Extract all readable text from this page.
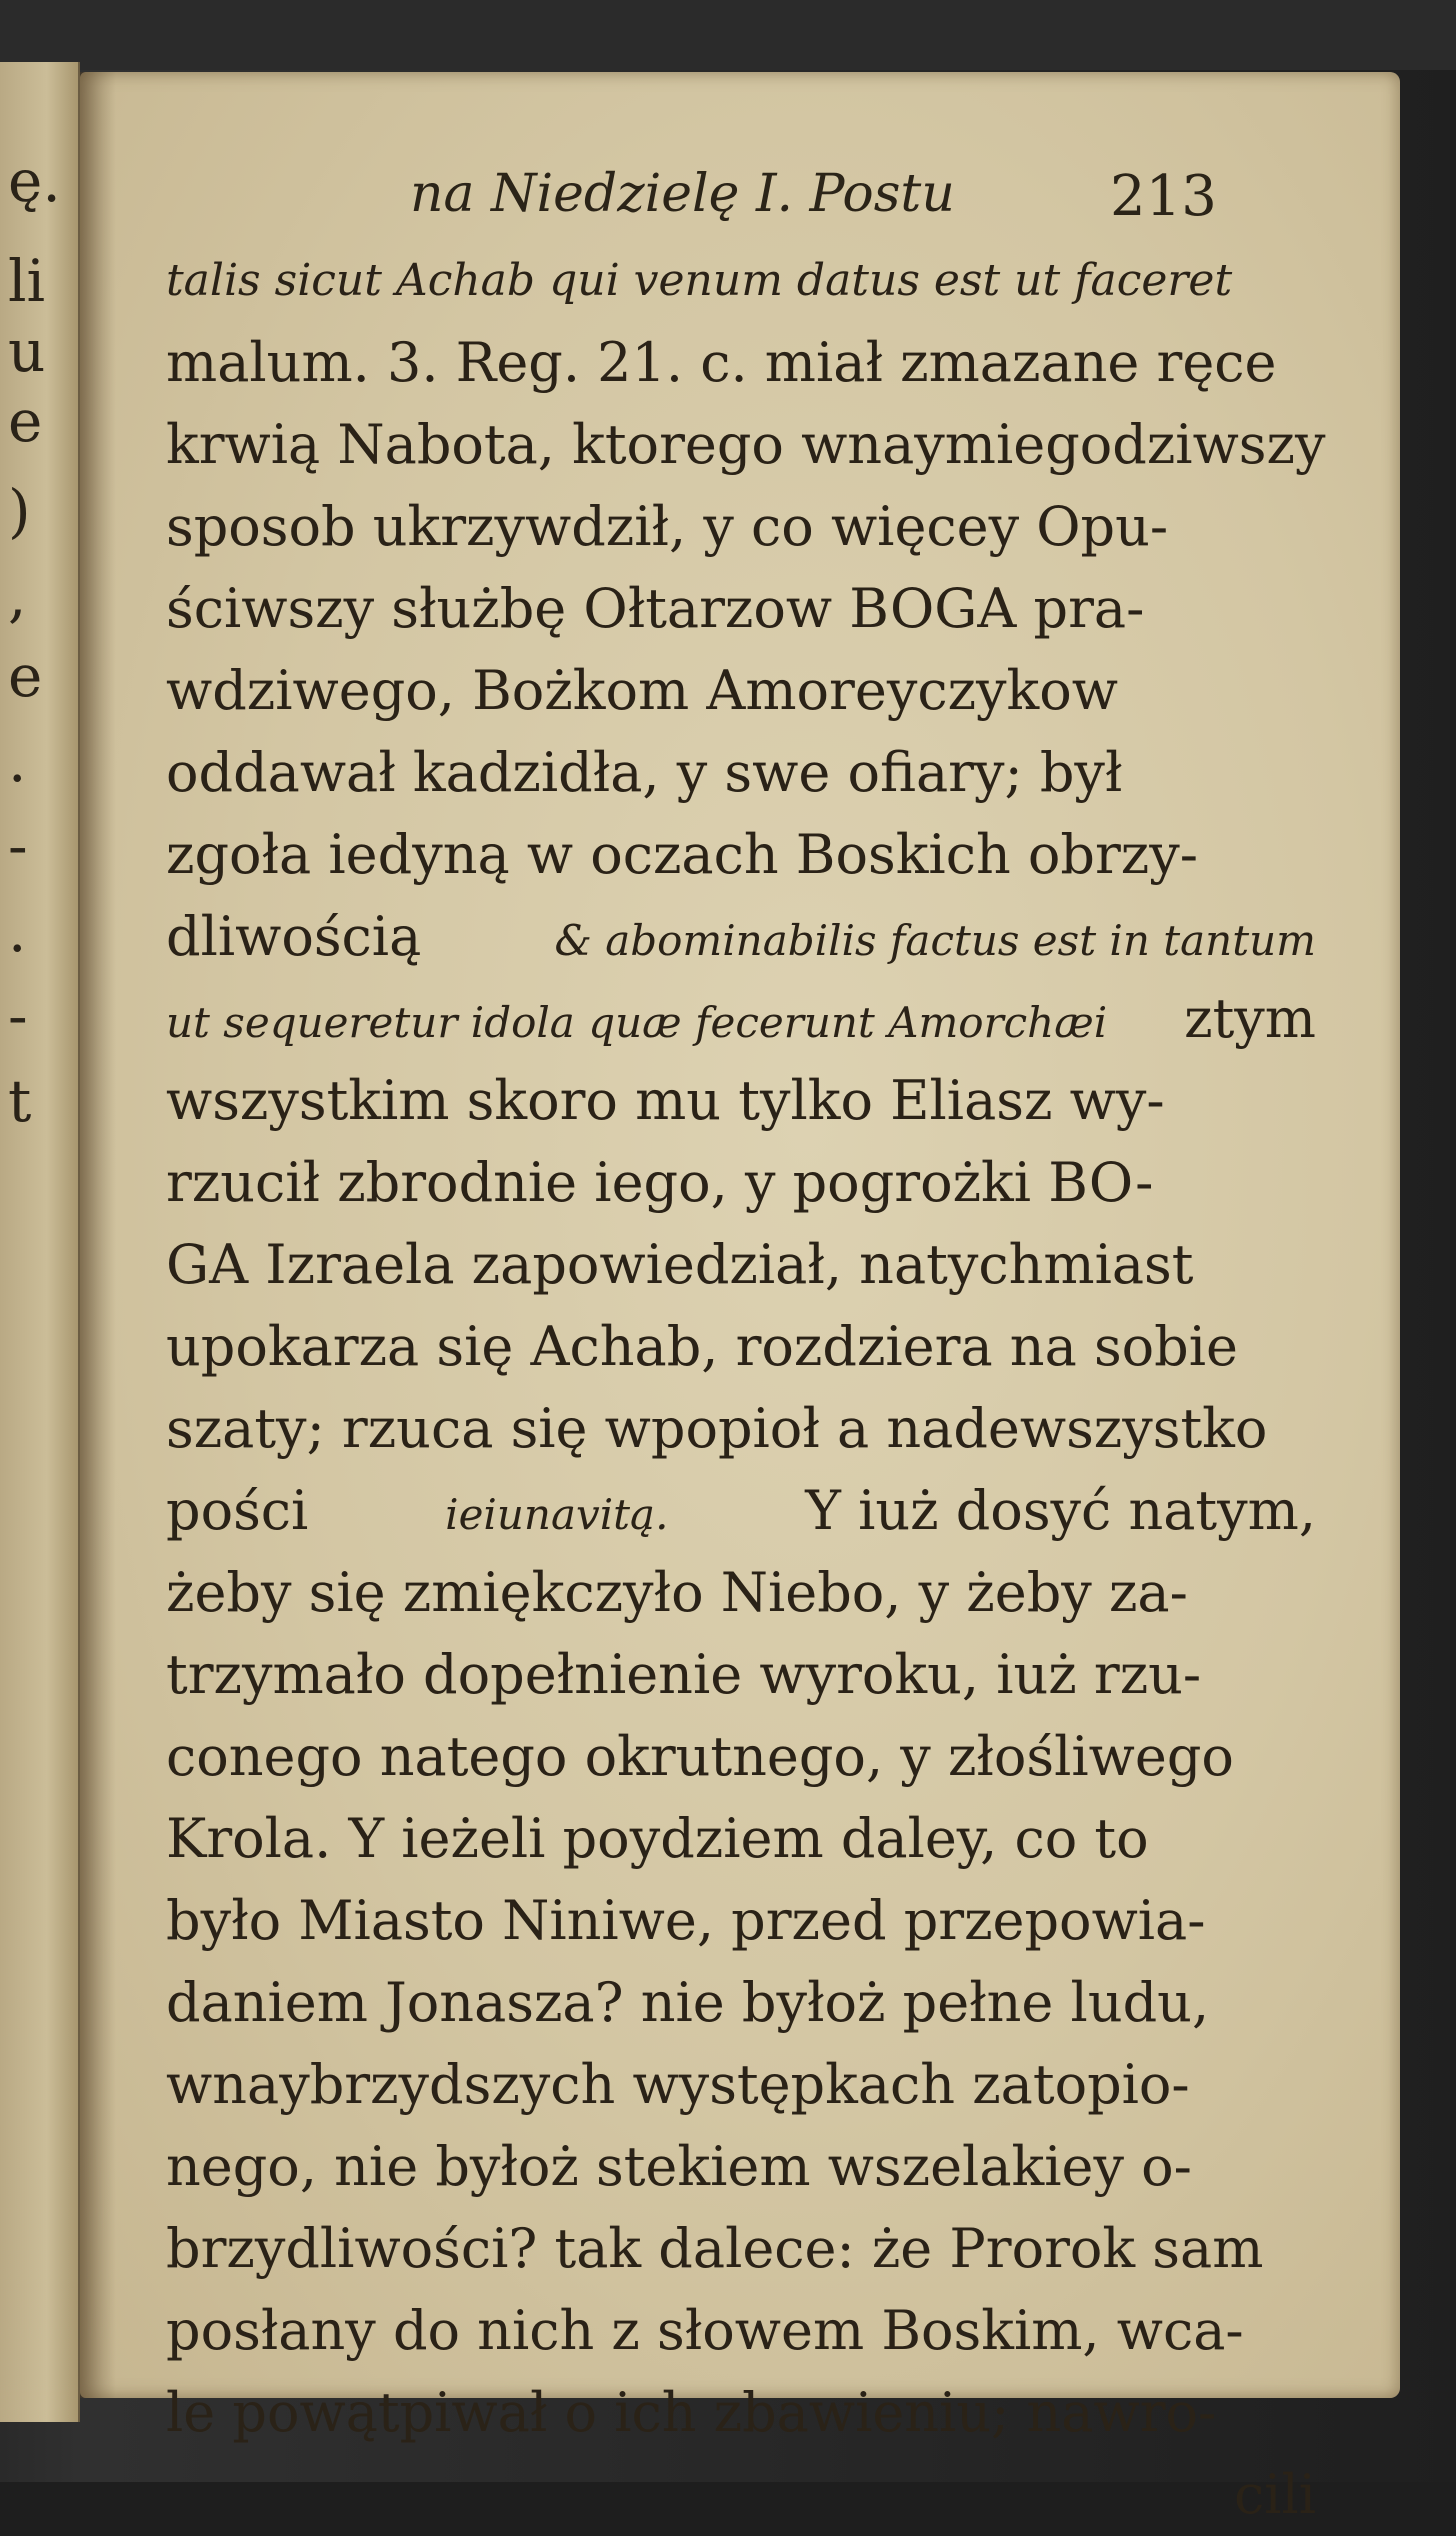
ę.
li
u
e
)
,
e
.
-
.
-
t
na Niedzielę I. Postu	213
talis sicut Achab qui venum datus est ut faceret
malum. 3. Reg. 21. c. miał zmazane ręce
krwią Nabota, ktorego wnaymiegodziwszy
sposob ukrzywdził, y co więcey Opu-
ściwszy służbę Ołtarzow BOGA pra-
wdziwego, Bożkom Amoreyczykow
oddawał kadzidła, y swe ofiary; był
zgoła iedyną w oczach Boskich obrzy-
dliwością	& abominabilis factus est in tantum
ut sequeretur idola quæ fecerunt Amorchæi ztym
wszystkim skoro mu tylko Eliasz wy-
rzucił zbrodnie iego, y pogrożki BO-
GA Izraela zapowiedział, natychmiast
upokarza się Achab, rozdziera na sobie
szaty; rzuca się wpopioł a nadewszystko
pości	ieiunavitą.	Y iuż dosyć natym,
żeby się zmiękczyło Niebo, y żeby za-
trzymało dopełnienie wyroku, iuż rzu-
conego natego okrutnego, y złośliwego
Krola. Y ieżeli poydziem daley, co to
było Miasto Niniwe, przed przepowia-
daniem Jonasza? nie byłoż pełne ludu,
wnaybrzydszych występkach zatopio-
nego, nie byłoż stekiem wszelakiey o-
brzydliwości? tak dalece: że Prorok sam
posłany do nich z słowem Boskim, wca-
le powątpiwał o ich zbawieniu; nawro-
cili
